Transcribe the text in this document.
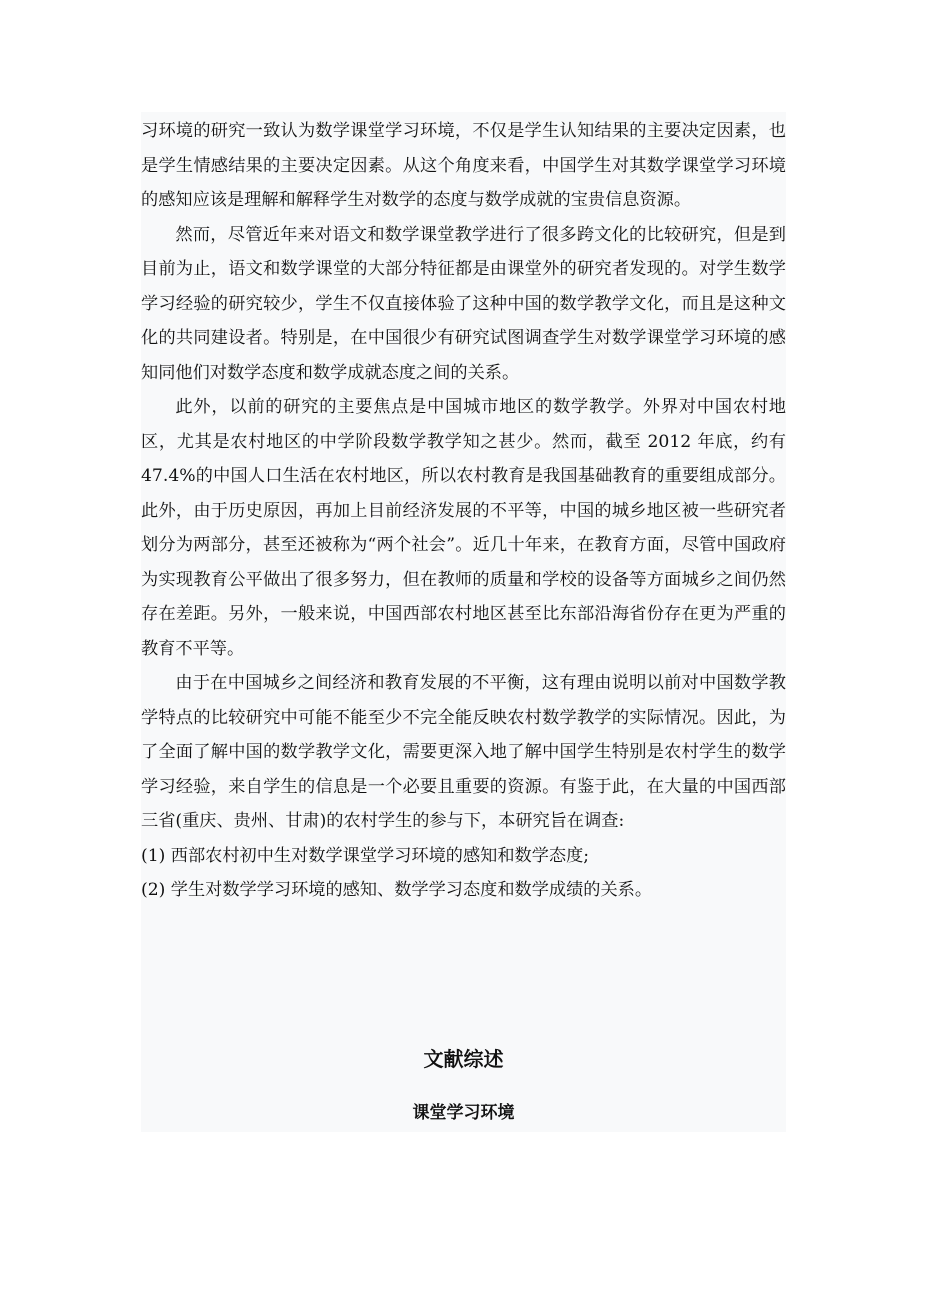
习环境的研究一致认为数学课堂学习环境，不仅是学生认知结果的主要决定因素，也是学生情感结果的主要决定因素。从这个角度来看，中国学生对其数学课堂学习环境的感知应该是理解和解释学生对数学的态度与数学成就的宝贵信息资源。

然而，尽管近年来对语文和数学课堂教学进行了很多跨文化的比较研究，但是到目前为止，语文和数学课堂的大部分特征都是由课堂外的研究者发现的。对学生数学学习经验的研究较少，学生不仅直接体验了这种中国的数学教学文化，而且是这种文化的共同建设者。特别是，在中国很少有研究试图调查学生对数学课堂学习环境的感知同他们对数学态度和数学成就态度之间的关系。

此外，以前的研究的主要焦点是中国城市地区的数学教学。外界对中国农村地区，尤其是农村地区的中学阶段数学教学知之甚少。然而，截至 2012 年底，约有 47.4%的中国人口生活在农村地区，所以农村教育是我国基础教育的重要组成部分。此外，由于历史原因，再加上目前经济发展的不平等，中国的城乡地区被一些研究者划分为两部分，甚至还被称为“两个社会”。近几十年来，在教育方面，尽管中国政府为实现教育公平做出了很多努力，但在教师的质量和学校的设备等方面城乡之间仍然存在差距。另外，一般来说，中国西部农村地区甚至比东部沿海省份存在更为严重的教育不平等。

由于在中国城乡之间经济和教育发展的不平衡，这有理由说明以前对中国数学教学特点的比较研究中可能不能至少不完全能反映农村数学教学的实际情况。因此，为了全面了解中国的数学教学文化，需要更深入地了解中国学生特别是农村学生的数学学习经验，来自学生的信息是一个必要且重要的资源。有鉴于此，在大量的中国西部三省(重庆、贵州、甘肃)的农村学生的参与下，本研究旨在调查:

(1) 西部农村初中生对数学课堂学习环境的感知和数学态度;

(2) 学生对数学学习环境的感知、数学学习态度和数学成绩的关系。

文献综述
课堂学习环境
